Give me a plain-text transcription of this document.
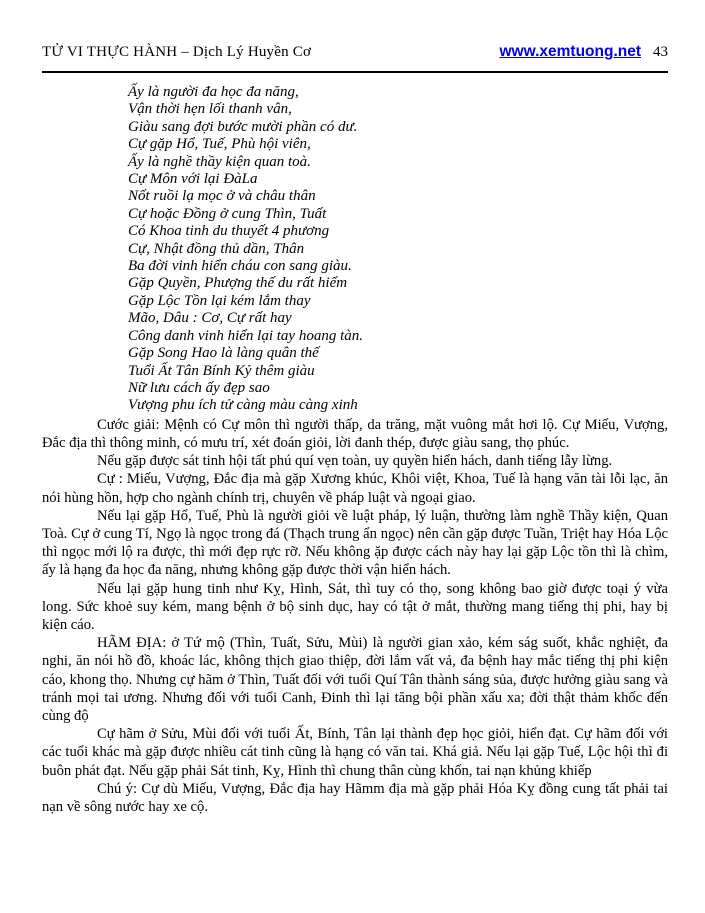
TỬ VI THỰC HÀNH – Dịch Lý Huyền Cơ	www.xemtuong.net 43
Ấy là người đa học đa năng,
Vận thời hẹn lối thanh vân,
Giàu sang đợi bước mười phần có dư.
Cự gặp Hổ, Tuế, Phù hội viên,
Ấy là nghề thầy kiện quan toà.
Cự Môn với lại ĐàLa
Nốt ruồi lạ mọc ở và châu thân
Cự hoặc Đồng ở cung Thìn, Tuất
Có Khoa tinh du thuyết 4 phương
Cự, Nhật đồng thủ dần, Thân
Ba đời vinh hiển cháu con sang giàu.
Gặp Quyền, Phượng thế du rất hiếm
Gặp Lộc Tồn lại kém lắm thay
Mão, Dâu : Cơ, Cự rất hay
Công danh vinh hiển lại tay hoang tàn.
Gặp Song Hao là làng quân thế
Tuổi Ất Tân Bính Kỷ thêm giàu
Nữ lưu cách ấy đẹp sao
Vượng phu ích tử càng màu càng xinh

Cước giải: Mệnh có Cự môn thì người thấp, da trăng, mặt vuông mắt hơi lộ. Cự Miếu, Vượng, Đắc địa thì thông minh, có mưu trí, xét đoán giỏi, lời đanh thép, được giàu sang, thọ phúc.

Nếu gặp được sát tinh hội tất phú quí vẹn toàn, uy quyền hiển hách, danh tiếng lẫy lừng.

Cự : Miếu, Vượng, Đắc địa mà gặp Xương khúc, Khôi việt, Khoa, Tuế là hạng văn tài lỗi lạc, ăn nói hùng hồn, hợp cho ngành chính trị, chuyên về pháp luật và ngoại giao.

Nếu lại gặp Hổ, Tuế, Phù là người giỏi về luật pháp, lý luận, thường làm nghề Thầy kiện, Quan Toà. Cự ở cung Tí, Ngọ là ngọc trong đá (Thạch trung ẩn ngọc) nên cần gặp được Tuần, Triệt hay Hóa Lộc thì ngọc mới lộ ra được, thì mới đẹp rực rỡ. Nếu không ặp được cách này hay lại gặp Lộc tồn thì là chìm, ấy là hạng đa học đa năng, nhưng không gặp được thời vận hiển hách.

Nếu lại gặp hung tinh như Kỵ, Hình, Sát, thì tuy có thọ, song không bao giờ được toại ý vừa long. Sức khoẻ suy kém, mang bệnh ở bộ sinh dục, hay có tật ở mắt, thường mang tiếng thị phi, hay bị kiện cáo.

HÃM ĐỊA: ở Tứ mộ (Thìn, Tuất, Sửu, Mùi) là người gian xảo, kém ság suốt, khắc nghiệt, đa nghi, ăn nói hồ đồ, khoác lác, không thịch giao thiệp, đời lắm vất vả, đa bệnh hay mắc tiếng thị phi kiện cáo, khong thọ. Nhưng cự hãm ở Thìn, Tuất đối với tuổi Quí Tân thành sáng sủa, được hưởng giàu sang và tránh mọi tai ương. Nhưng đối với tuổi Canh, Đinh thì lại tăng bội phần xấu xa; đời thật thảm khốc đến cùng độ

Cự hãm ở Sửu, Mùi đối với tuổi Ất, Bính, Tân lại thành đẹp học giỏi, hiển đạt. Cự hãm đối với các tuổi khác mà gặp được nhiều cát tinh cũng là hạng có văn tai. Khá giả. Nếu lại gặp Tuế, Lộc hội thì đi buôn phát đạt. Nếu gặp phải Sát tinh, Kỵ, Hình thì chung thân cùng khốn, tai nạn khủng khiếp

Chú ý: Cự dù Miếu, Vượng, Đắc địa hay Hãmm địa mà gặp phải Hóa Kỵ đồng cung tất phải tai nạn về sông nước hay xe cộ.
